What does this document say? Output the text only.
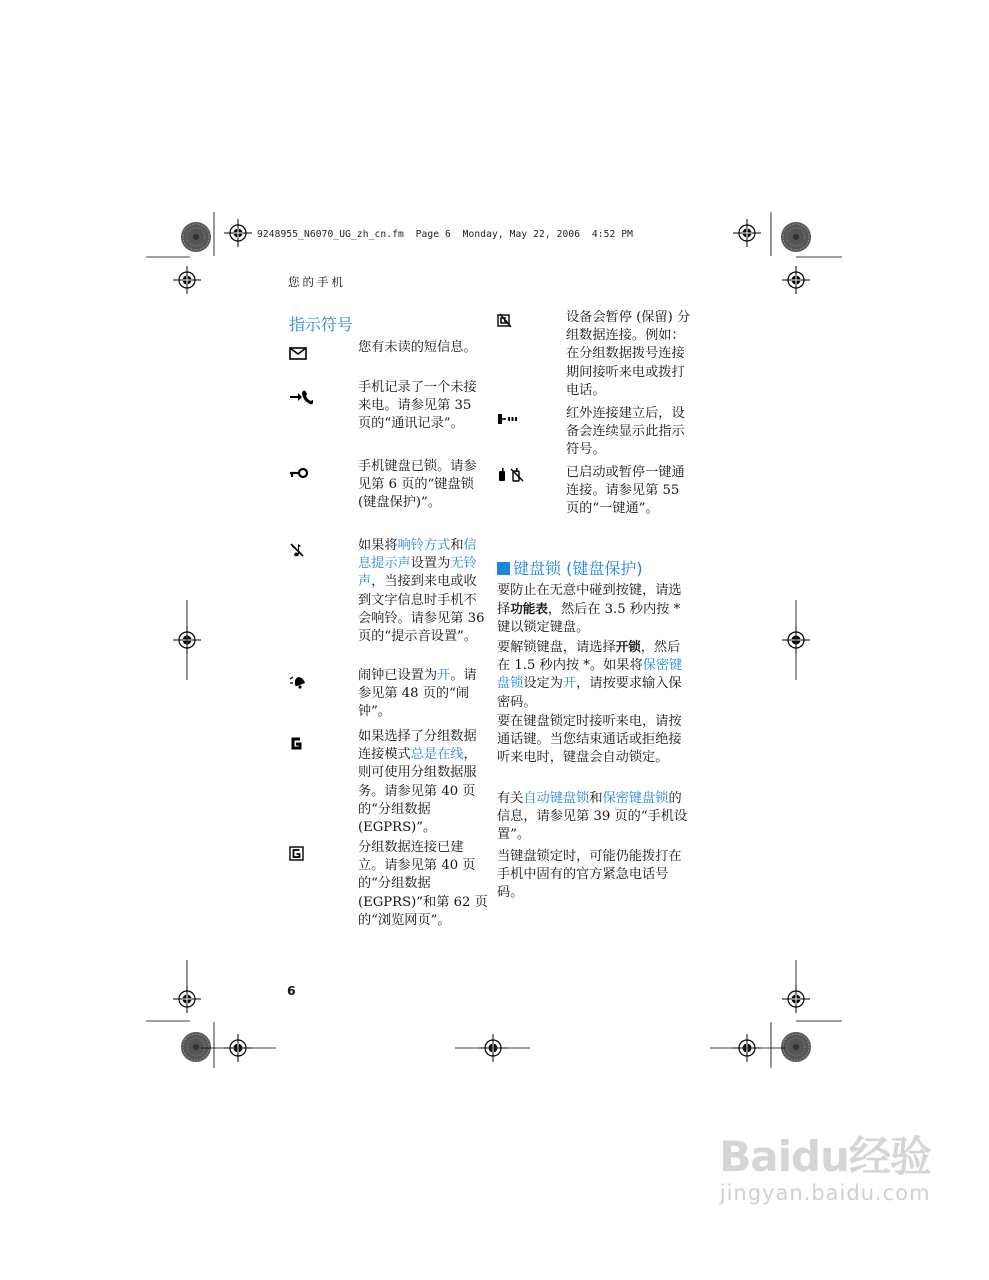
9248955_N6070_UG_zh_cn.fm  Page 6  Monday, May 22, 2006  4:52 PM
您的手机
指示符号
您有未读的短信息。
手机记录了一个未接来电。请参见第 35 页的“通讯记录”。
手机键盘已锁。请参见第 6 页的“键盘锁 (键盘保护)”。
如果将响铃方式和信息提示声设置为无铃声，当接到来电或收到文字信息时手机不会响铃。请参见第 36 页的“提示音设置”。
闹钟已设置为开。请参见第 48 页的“闹钟”。
如果选择了分组数据连接模式总是在线，则可使用分组数据服务。请参见第 40 页的“分组数据 (EGPRS)”。
分组数据连接已建立。请参见第 40 页的“分组数据 (EGPRS)”和第 62 页的“浏览网页”。
6
设备会暂停 (保留) 分组数据连接。例如：在分组数据拨号连接期间接听来电或拨打电话。
红外连接建立后，设备会连续显示此指示符号。
已启动或暂停一键通连接。请参见第 55 页的“一键通”。
键盘锁 (键盘保护)
要防止在无意中碰到按键，请选择功能表，然后在 3.5 秒内按 * 键以锁定键盘。
要解锁键盘，请选择开锁，然后在 1.5 秒内按 *。如果将保密键盘锁设定为开，请按要求输入保密码。
要在键盘锁定时接听来电，请按通话键。当您结束通话或拒绝接听来电时，键盘会自动锁定。
有关自动键盘锁和保密键盘锁的信息，请参见第 39 页的“手机设置”。
当键盘锁定时，可能仍能拨打在手机中固有的官方紧急电话号码。
Baidu经验
jingyan.baidu.com
